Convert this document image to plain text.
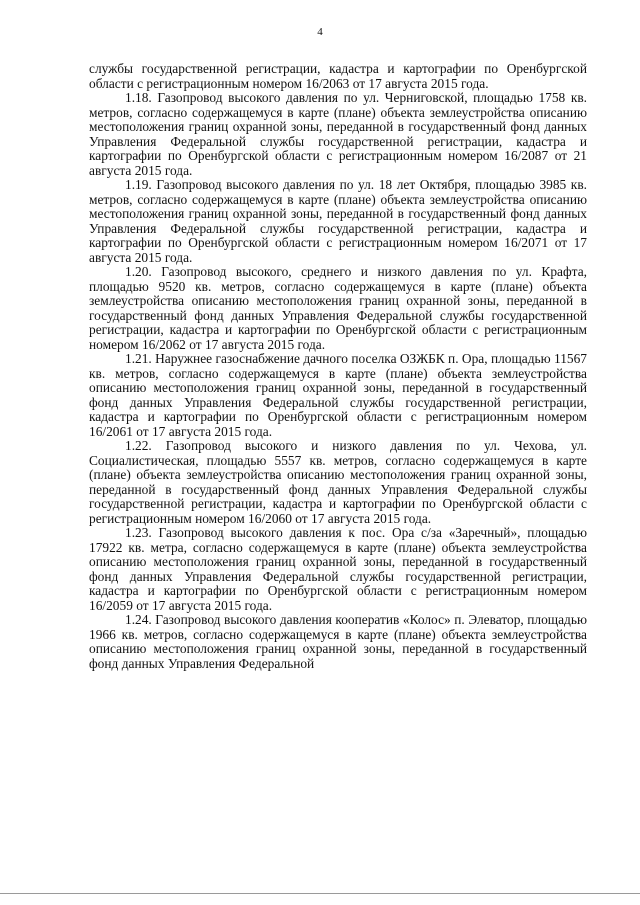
4

службы государственной регистрации, кадастра и картографии по Оренбургской области с регистрационным номером 16/2063 от 17 августа 2015 года.

1.18. Газопровод высокого давления по ул. Черниговской, площадью 1758 кв. метров, согласно содержащемуся в карте (плане) объекта землеустройства описанию местоположения границ охранной зоны, переданной в государственный фонд данных Управления Федеральной службы государственной регистрации, кадастра и картографии по Оренбургской области с регистрационным номером 16/2087 от 21 августа 2015 года.

1.19. Газопровод высокого давления по ул. 18 лет Октября, площадью 3985 кв. метров, согласно содержащемуся в карте (плане) объекта землеустройства описанию местоположения границ охранной зоны, переданной в государственный фонд данных Управления Федеральной службы государственной регистрации, кадастра и картографии по Оренбургской области с регистрационным номером 16/2071 от 17 августа 2015 года.

1.20. Газопровод высокого, среднего и низкого давления по ул. Крафта, площадью 9520 кв. метров, согласно содержащемуся в карте (плане) объекта землеустройства описанию местоположения границ охранной зоны, переданной в государственный фонд данных Управления Федеральной службы государственной регистрации, кадастра и картографии по Оренбургской области с регистрационным номером 16/2062 от 17 августа 2015 года.

1.21. Наружнее газоснабжение дачного поселка ОЗЖБК п. Ора, площадью 11567 кв. метров, согласно содержащемуся в карте (плане) объекта землеустройства описанию местоположения границ охранной зоны, переданной в государственный фонд данных Управления Федеральной службы государственной регистрации, кадастра и картографии по Оренбургской области с регистрационным номером 16/2061 от 17 августа 2015 года.

1.22. Газопровод высокого и низкого давления по ул. Чехова, ул. Социалистическая, площадью 5557 кв. метров, согласно содержащемуся в карте (плане) объекта землеустройства описанию местоположения границ охранной зоны, переданной в государственный фонд данных Управления Федеральной службы государственной регистрации, кадастра и картографии по Оренбургской области с регистрационным номером 16/2060 от 17 августа 2015 года.

1.23. Газопровод высокого давления к пос. Ора с/за «Заречный», площадью 17922 кв. метра, согласно содержащемуся в карте (плане) объекта землеустройства описанию местоположения границ охранной зоны, переданной в государственный фонд данных Управления Федеральной службы государственной регистрации, кадастра и картографии по Оренбургской области с регистрационным номером 16/2059 от 17 августа 2015 года.

1.24. Газопровод высокого давления кооператив «Колос» п. Элеватор, площадью 1966 кв. метров, согласно содержащемуся в карте (плане) объекта землеустройства описанию местоположения границ охранной зоны, переданной в государственный фонд данных Управления Федеральной
